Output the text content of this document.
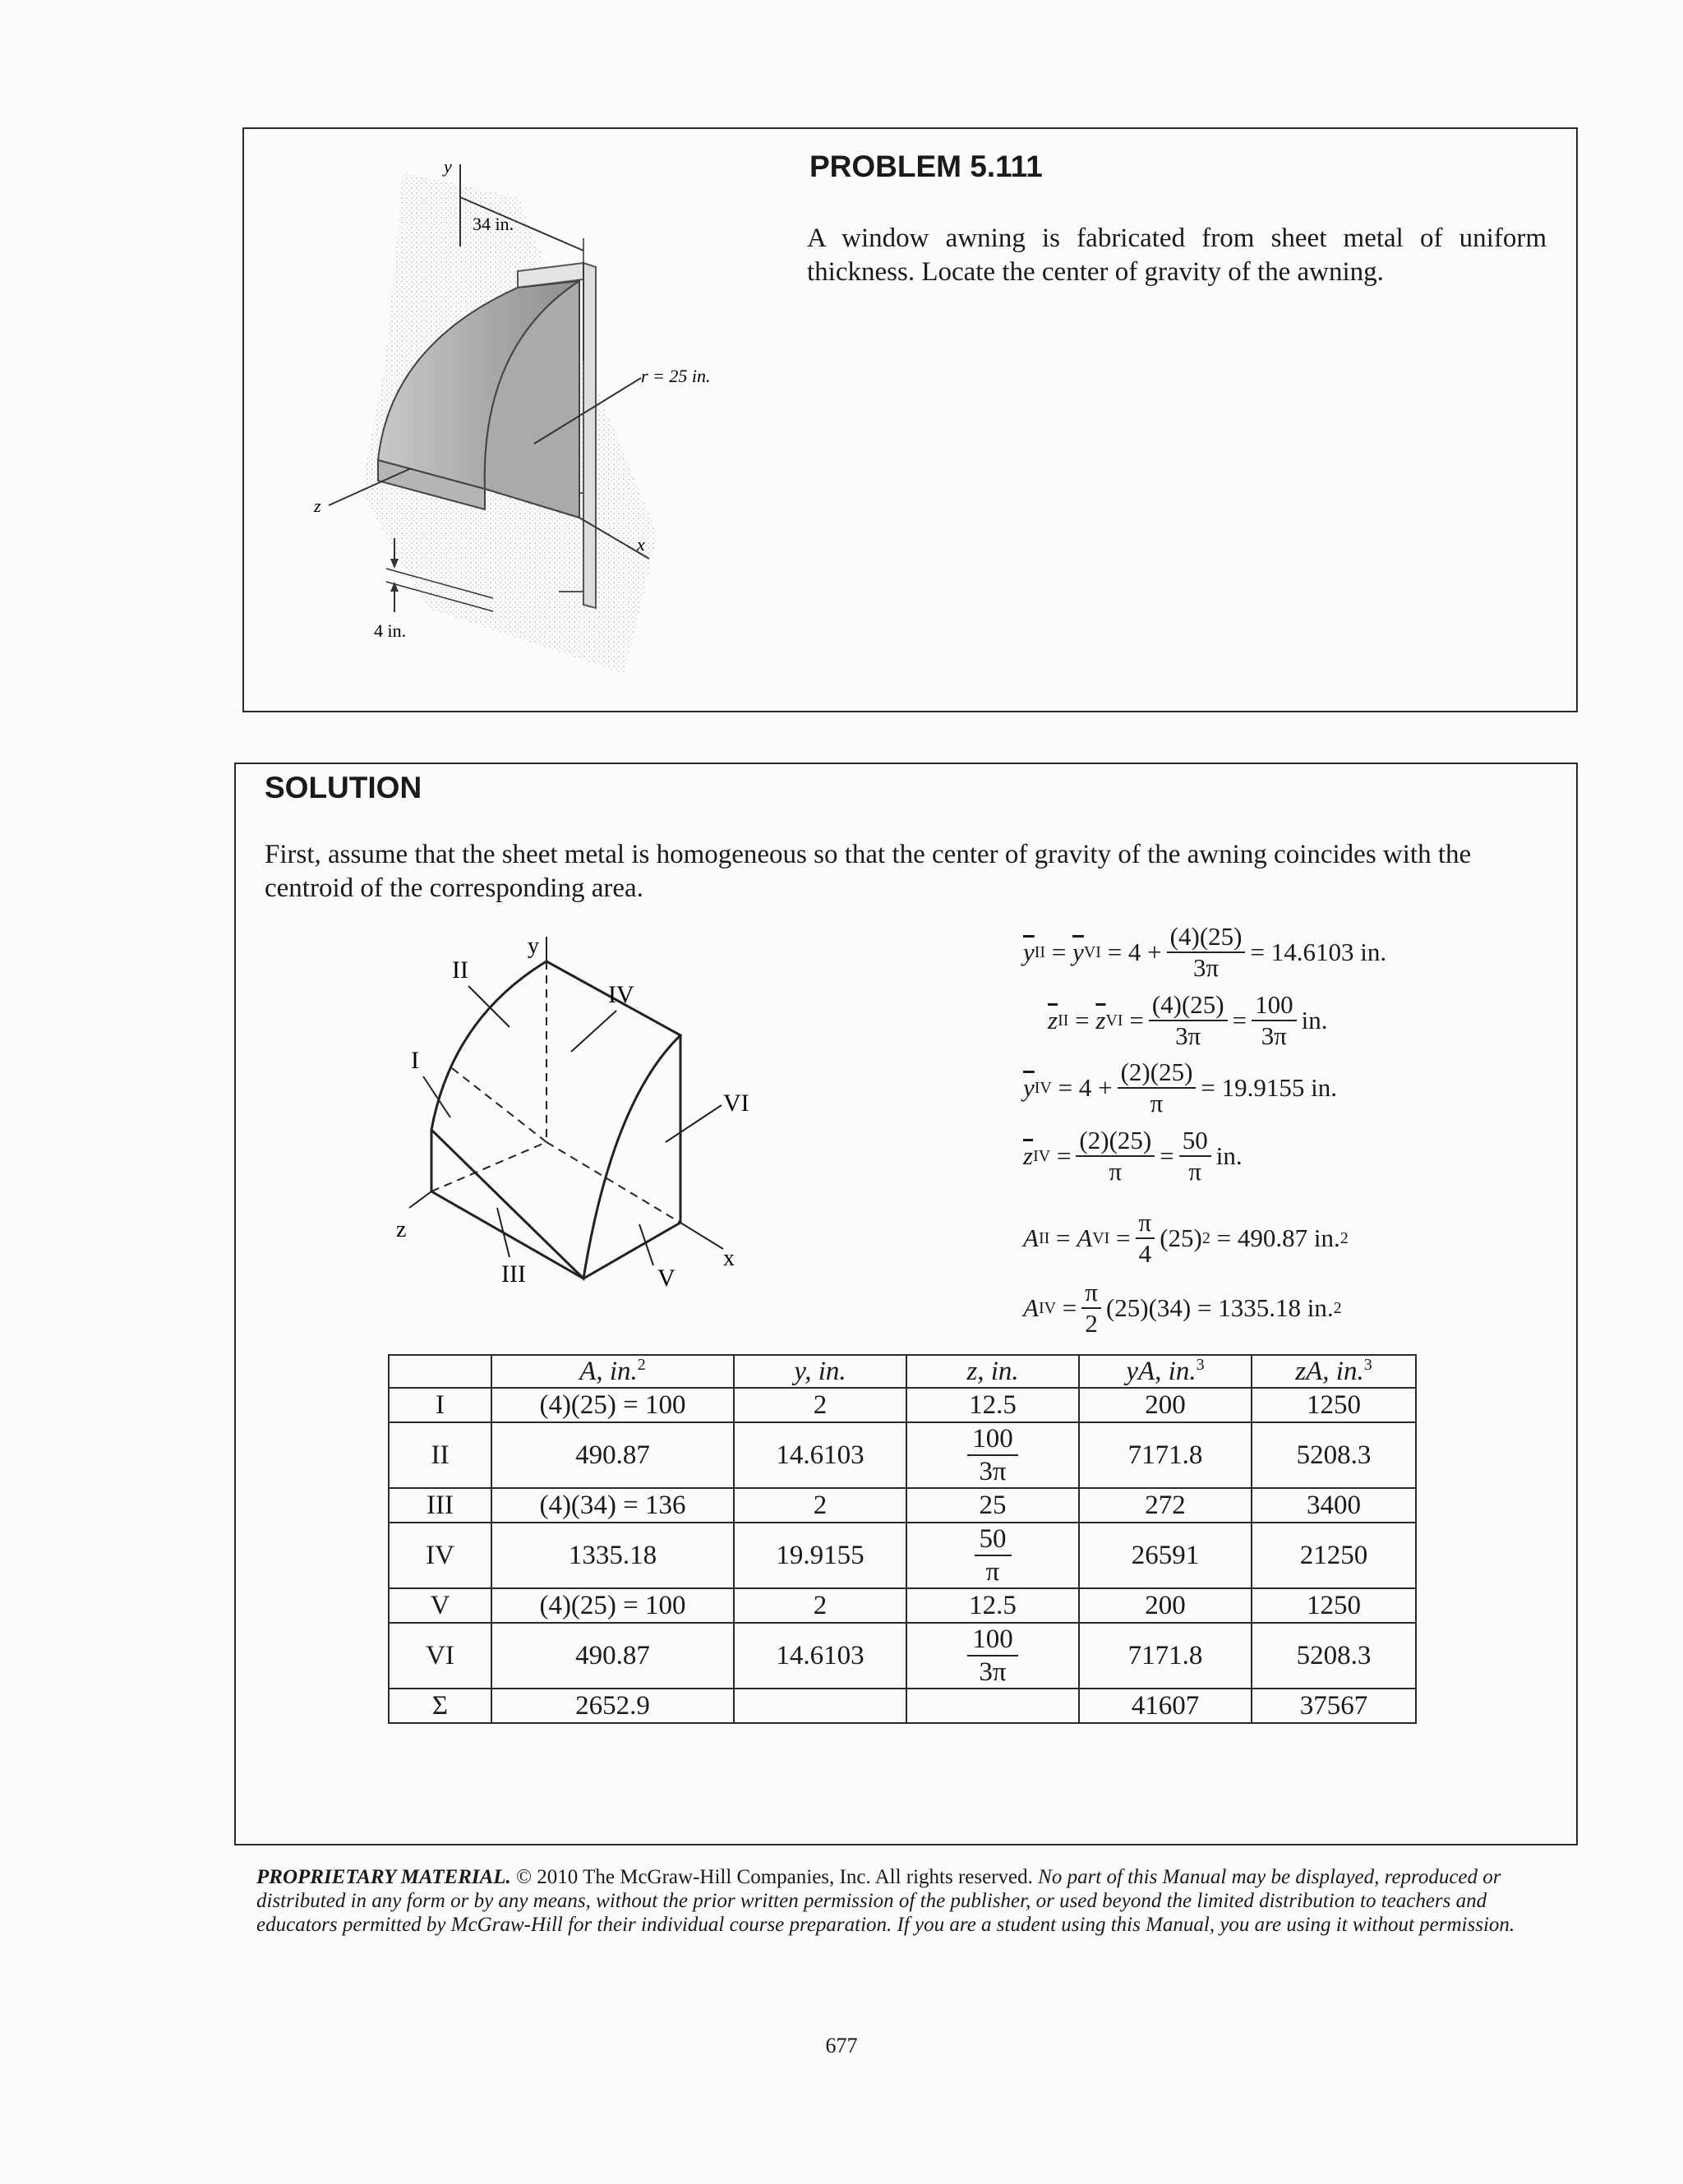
y
34 in.
r = 25 in.
x
z
4 in.
PROBLEM 5.111
A window awning is fabricated from sheet metal of uniform thickness. Locate the center of gravity of the awning.
SOLUTION
First, assume that the sheet metal is homogeneous so that the center of gravity of the awning coincides with the centroid of the corresponding area.
y
x
z
I
II
III
IV
V
VI
$\overline{y}$ II = $\overline{y}$ VI
= $4 + \frac{(4)(25)}{3\pi} = 14.6103$ in.
$\overline{z}$ II = $\overline{z}$ VI = $\frac{(4)(25)}{3\pi} = \frac{100}{3\pi}$ in.
$\overline{y}$ IV
= $4 + \frac{(2)(25)}{\pi} = 19.9155$ in.
$\overline{z}$ IV = $\frac{(2)(25)}{\pi} = \frac{50}{\pi}$ in.
A II = A VI = $\frac{\pi}{4} (25)$ 2
= 490.87 in. 2
A IV = $\frac{\pi}{2} (25)(34) = 1335.18$ in. 2
	A, in.$^2$	y, in.	z, in.	yA, in.$^3$	zA, in.$^3$
I	(4)(25) = 100	2	12.5	200	1250
II	490.87	14.6103	$\frac{100}{3\pi}$	7171.8	5208.3
III	(4)(34) = 136	2	25	272	3400
IV	1335.18	19.9155	$\frac{50}{\pi}$	26591	21250
V	(4)(25) = 100	2	12.5	200	1250
VI	490.87	14.6103	$\frac{100}{3\pi}$	7171.8	5208.3
Σ	2652.9			41607	37567
PROPRIETARY MATERIAL. © 2010 The McGraw-Hill Companies, Inc. All rights reserved. No part of this Manual may be displayed, reproduced or distributed in any form or by any means, without the prior written permission of the publisher, or used beyond the limited distribution to teachers and educators permitted by McGraw-Hill for their individual course preparation. If you are a student using this Manual, you are using it without permission.
677
